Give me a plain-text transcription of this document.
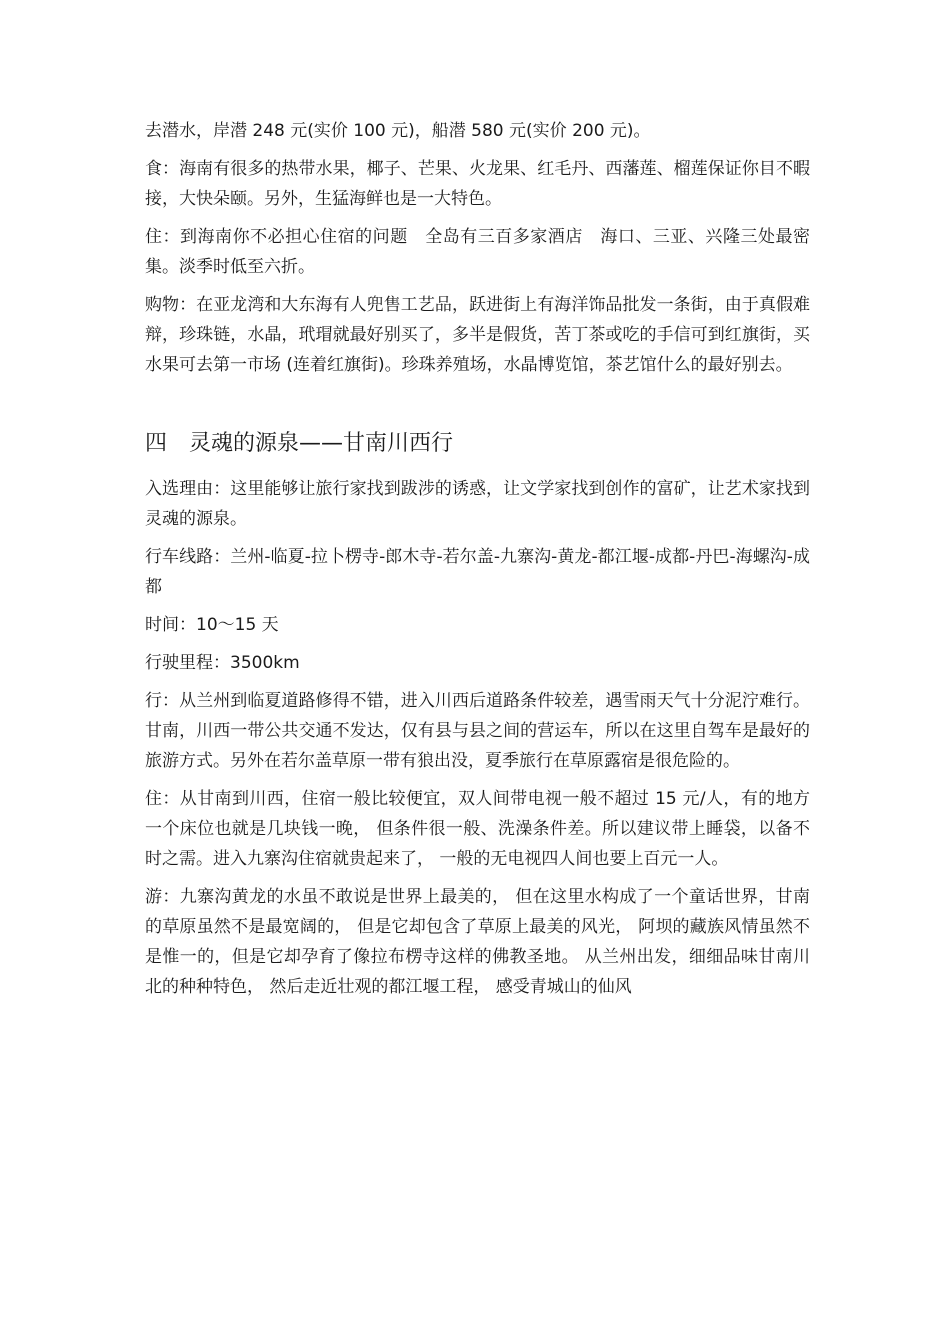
去潜水，岸潜 248 元(实价 100 元)，船潜 580 元(实价 200 元)。

食：海南有很多的热带水果，椰子、芒果、火龙果、红毛丹、西藩莲、榴莲保证你目不暇接，大快朵颐。另外，生猛海鲜也是一大特色。

住：到海南你不必担心住宿的问题　全岛有三百多家酒店　海口、三亚、兴隆三处最密集。淡季时低至六折。

购物：在亚龙湾和大东海有人兜售工艺品，跃进街上有海洋饰品批发一条街，由于真假难辩，珍珠链，水晶，玳瑁就最好别买了，多半是假货，苦丁茶或吃的手信可到红旗街，买水果可去第一市场 (连着红旗街)。珍珠养殖场，水晶博览馆，茶艺馆什么的最好别去。

四　灵魂的源泉——甘南川西行

入选理由：这里能够让旅行家找到跋涉的诱惑，让文学家找到创作的富矿，让艺术家找到灵魂的源泉。

行车线路：兰州-临夏-拉卜楞寺-郎木寺-若尔盖-九寨沟-黄龙-都江堰-成都-丹巴-海螺沟-成都

时间：10～15 天

行驶里程：3500km

行：从兰州到临夏道路修得不错，进入川西后道路条件较差，遇雪雨天气十分泥泞难行。甘南，川西一带公共交通不发达，仅有县与县之间的营运车，所以在这里自驾车是最好的旅游方式。另外在若尔盖草原一带有狼出没，夏季旅行在草原露宿是很危险的。

住：从甘南到川西，住宿一般比较便宜，双人间带电视一般不超过 15 元/人，有的地方一个床位也就是几块钱一晚， 但条件很一般、洗澡条件差。所以建议带上睡袋，以备不时之需。进入九寨沟住宿就贵起来了， 一般的无电视四人间也要上百元一人。

游：九寨沟黄龙的水虽不敢说是世界上最美的， 但在这里水构成了一个童话世界，甘南的草原虽然不是最宽阔的， 但是它却包含了草原上最美的风光， 阿坝的藏族风情虽然不是惟一的，但是它却孕育了像拉布楞寺这样的佛教圣地。 从兰州出发，细细品味甘南川北的种种特色， 然后走近壮观的都江堰工程， 感受青城山的仙风
